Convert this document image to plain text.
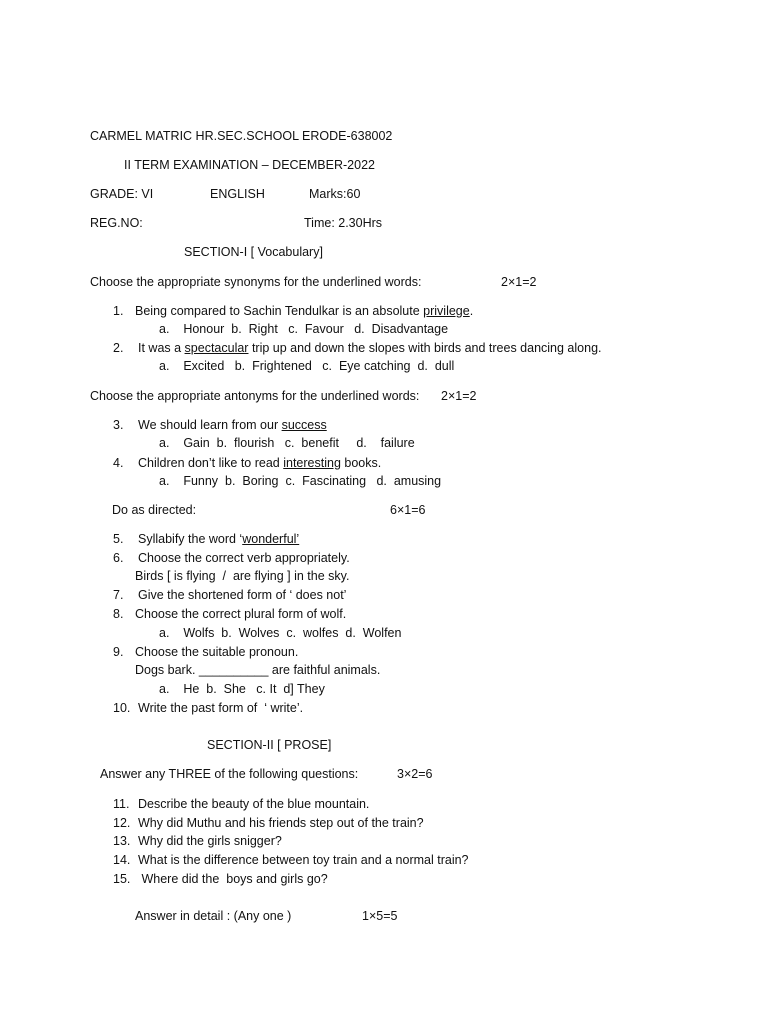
CARMEL MATRIC HR.SEC.SCHOOL ERODE-638002
II TERM EXAMINATION – DECEMBER-2022
GRADE: VI	ENGLISH	Marks:60
REG.NO:	Time: 2.30Hrs
SECTION-I [ Vocabulary]
Choose the appropriate synonyms for the underlined words:	2×1=2
1. Being compared to Sachin Tendulkar is an absolute privilege.
a.    Honour  b.  Right   c.  Favour   d.  Disadvantage
2. It was a spectacular trip up and down the slopes with birds and trees dancing along.
a.    Excited   b.  Frightened   c.  Eye catching  d.  dull
Choose the appropriate antonyms for the underlined words: 2×1=2
3. We should learn from our success
a.    Gain  b.  flourish   c.  benefit     d.    failure
4. Children don’t like to read interesting books.
a.    Funny  b.  Boring  c.  Fascinating   d.  amusing
Do as directed:	6×1=6
5. Syllabify the word ‘wonderful’
6. Choose the correct verb appropriately.
Birds [ is flying  /  are flying ] in the sky.
7. Give the shortened form of ‘ does not’
8. Choose the correct plural form of wolf.
a.    Wolfs  b.  Wolves  c.  wolfes  d.  Wolfen
9. Choose the suitable pronoun.
Dogs bark. __________ are faithful animals.
a.    He  b.  She   c. It  d] They
10. Write the past form of  ‘ write’.
SECTION-II [ PROSE]
Answer any THREE of the following questions:	3×2=6
11. Describe the beauty of the blue mountain.
12. Why did Muthu and his friends step out of the train?
13. Why did the girls snigger?
14. What is the difference between toy train and a normal train?
15. Where did the  boys and girls go?
Answer in detail : (Any one )	1×5=5
